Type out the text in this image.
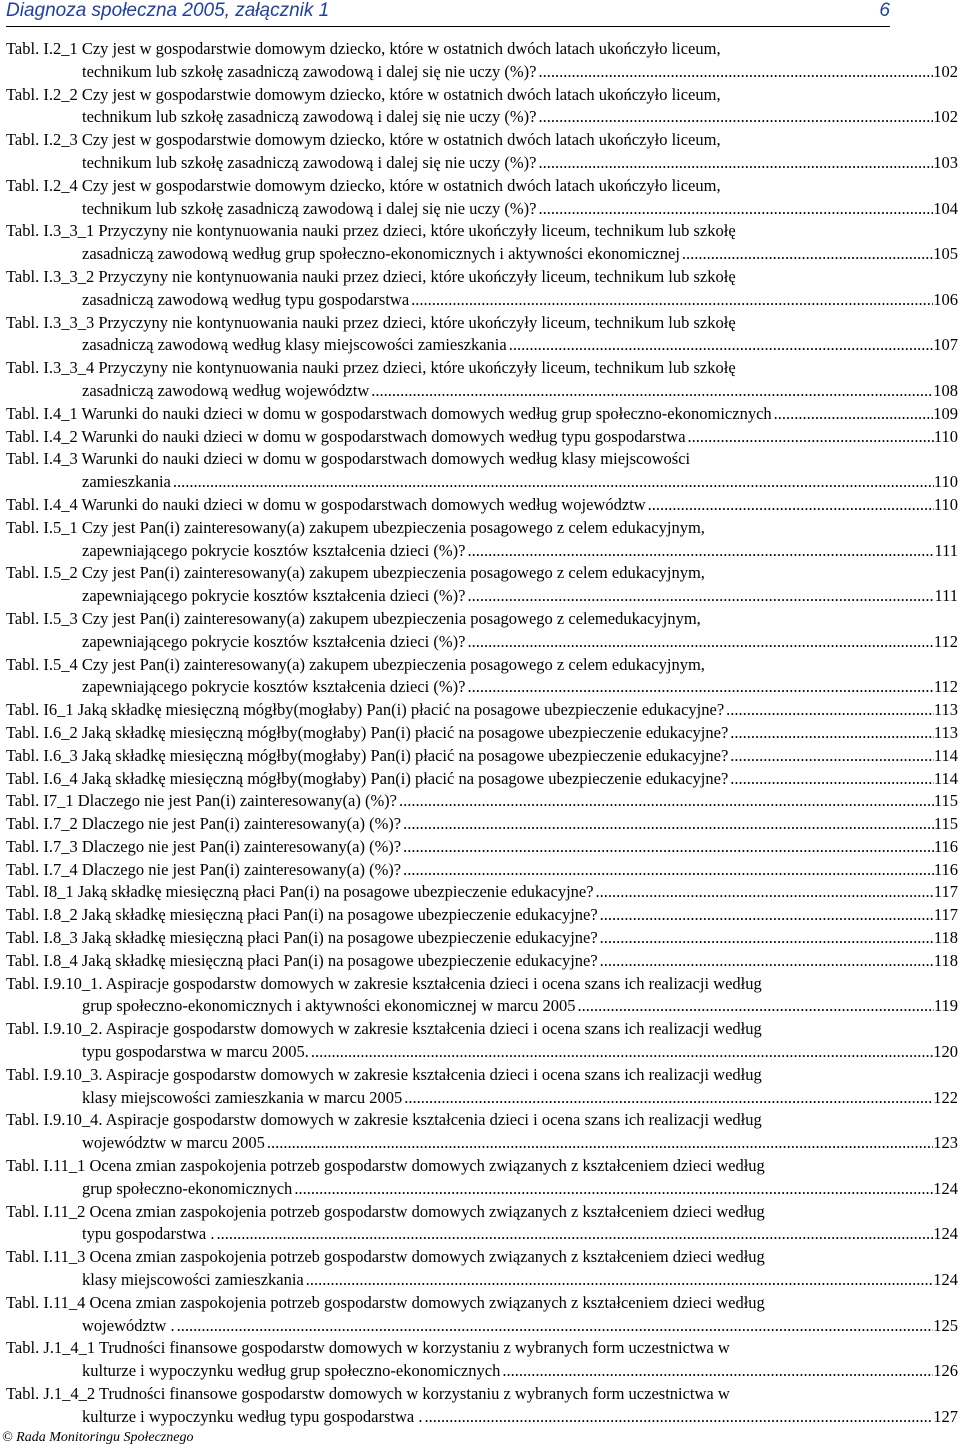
Diagnoza społeczna 2005, załącznik 1	6
Tabl. I.2_1 Czy jest w gospodarstwie domowym dziecko, które w ostatnich dwóch latach ukończyło liceum,
technikum lub szkołę zasadniczą zawodową i dalej się nie uczy (%)? .....	102
Tabl. I.2_2 Czy jest w gospodarstwie domowym dziecko, które w ostatnich dwóch latach ukończyło liceum,
technikum lub szkołę zasadniczą zawodową i dalej się nie uczy (%)? .....	102
Tabl. I.2_3 Czy jest w gospodarstwie domowym dziecko, które w ostatnich dwóch latach ukończyło liceum,
technikum lub szkołę zasadniczą zawodową i dalej się nie uczy (%)? .....	103
Tabl. I.2_4 Czy jest w gospodarstwie domowym dziecko, które w ostatnich dwóch latach ukończyło liceum,
technikum lub szkołę zasadniczą zawodową i dalej się nie uczy (%)? .....	104
Tabl. I.3_3_1 Przyczyny nie kontynuowania nauki przez dzieci, które ukończyły liceum, technikum lub szkołę
zasadniczą zawodową według grup społeczno-ekonomicznych i aktywności ekonomicznej .....	105
Tabl. I.3_3_2 Przyczyny nie kontynuowania nauki przez dzieci, które ukończyły liceum, technikum lub szkołę
zasadniczą zawodową według typu gospodarstwa .....	106
Tabl. I.3_3_3 Przyczyny nie kontynuowania nauki przez dzieci, które ukończyły liceum, technikum lub szkołę
zasadniczą zawodową według klasy miejscowości zamieszkania .....	107
Tabl. I.3_3_4 Przyczyny nie kontynuowania nauki przez dzieci, które ukończyły liceum, technikum lub szkołę
zasadniczą zawodową według województw .....	108
Tabl. I.4_1 Warunki do nauki dzieci w domu w gospodarstwach domowych według grup społeczno-ekonomicznych .....	109
Tabl. I.4_2 Warunki do nauki dzieci w domu w gospodarstwach domowych według typu gospodarstwa .....	110
Tabl. I.4_3 Warunki do nauki dzieci w domu w gospodarstwach domowych według klasy miejscowości
zamieszkania .....	110
Tabl. I.4_4 Warunki do nauki dzieci w domu w gospodarstwach domowych według województw .....	110
Tabl. I.5_1 Czy jest Pan(i) zainteresowany(a) zakupem ubezpieczenia posagowego z celem edukacyjnym,
zapewniającego pokrycie kosztów kształcenia dzieci (%)? .....	111
Tabl. I.5_2 Czy jest Pan(i) zainteresowany(a) zakupem ubezpieczenia posagowego z celem edukacyjnym,
zapewniającego pokrycie kosztów kształcenia dzieci (%)? .....	111
Tabl. I.5_3 Czy jest Pan(i) zainteresowany(a) zakupem ubezpieczenia posagowego z celemedukacyjnym,
zapewniającego pokrycie kosztów kształcenia dzieci (%)? .....	112
Tabl. I.5_4 Czy jest Pan(i) zainteresowany(a) zakupem ubezpieczenia posagowego z celem edukacyjnym,
zapewniającego pokrycie kosztów kształcenia dzieci (%)? .....	112
Tabl. I6_1 Jaką składkę miesięczną mógłby(mogłaby) Pan(i) płacić na posagowe ubezpieczenie edukacyjne? .....	113
Tabl. I.6_2 Jaką składkę miesięczną mógłby(mogłaby) Pan(i) płacić na posagowe ubezpieczenie edukacyjne? .....	113
Tabl. I.6_3 Jaką składkę miesięczną mógłby(mogłaby) Pan(i) płacić na posagowe ubezpieczenie edukacyjne? .....	114
Tabl. I.6_4 Jaką składkę miesięczną mógłby(mogłaby) Pan(i) płacić na posagowe ubezpieczenie edukacyjne? .....	114
Tabl. I7_1 Dlaczego nie jest Pan(i) zainteresowany(a) (%)? .....	115
Tabl. I.7_2 Dlaczego nie jest Pan(i) zainteresowany(a) (%)? .....	115
Tabl. I.7_3 Dlaczego nie jest Pan(i) zainteresowany(a) (%)? .....	116
Tabl. I.7_4 Dlaczego nie jest Pan(i) zainteresowany(a) (%)? .....	116
Tabl. I8_1 Jaką składkę miesięczną płaci Pan(i) na posagowe ubezpieczenie edukacyjne? .....	117
Tabl. I.8_2 Jaką składkę miesięczną płaci Pan(i) na posagowe ubezpieczenie edukacyjne? .....	117
Tabl. I.8_3 Jaką składkę miesięczną płaci Pan(i) na posagowe ubezpieczenie edukacyjne? .....	118
Tabl. I.8_4 Jaką składkę miesięczną płaci Pan(i) na posagowe ubezpieczenie edukacyjne? .....	118
Tabl. I.9.10_1. Aspiracje gospodarstw domowych w zakresie kształcenia dzieci i ocena szans ich realizacji według
grup społeczno-ekonomicznych i aktywności ekonomicznej w marcu 2005 .....	119
Tabl. I.9.10_2. Aspiracje gospodarstw domowych w zakresie kształcenia dzieci i ocena szans ich realizacji według
typu gospodarstwa w marcu 2005. .....	120
Tabl. I.9.10_3. Aspiracje gospodarstw domowych w zakresie kształcenia dzieci i ocena szans ich realizacji według
klasy miejscowości zamieszkania w marcu 2005 .....	122
Tabl. I.9.10_4. Aspiracje gospodarstw domowych w zakresie kształcenia dzieci i ocena szans ich realizacji według
województw w marcu 2005 .....	123
Tabl. I.11_1 Ocena zmian zaspokojenia potrzeb gospodarstw domowych związanych z kształceniem dzieci według
grup społeczno-ekonomicznych .....	124
Tabl. I.11_2 Ocena zmian zaspokojenia potrzeb gospodarstw domowych związanych z kształceniem dzieci według
typu gospodarstwa . .....	124
Tabl. I.11_3 Ocena zmian zaspokojenia potrzeb gospodarstw domowych związanych z kształceniem dzieci według
klasy miejscowości zamieszkania .....	124
Tabl. I.11_4 Ocena zmian zaspokojenia potrzeb gospodarstw domowych związanych z kształceniem dzieci według
województw . .....	125
Tabl. J.1_4_1 Trudności finansowe gospodarstw domowych w korzystaniu z wybranych form uczestnictwa w
kulturze i wypoczynku według grup społeczno-ekonomicznych .....	126
Tabl. J.1_4_2 Trudności finansowe gospodarstw domowych w korzystaniu z wybranych form uczestnictwa w
kulturze i wypoczynku według typu gospodarstwa . .....	127
© Rada Monitoringu Społecznego
